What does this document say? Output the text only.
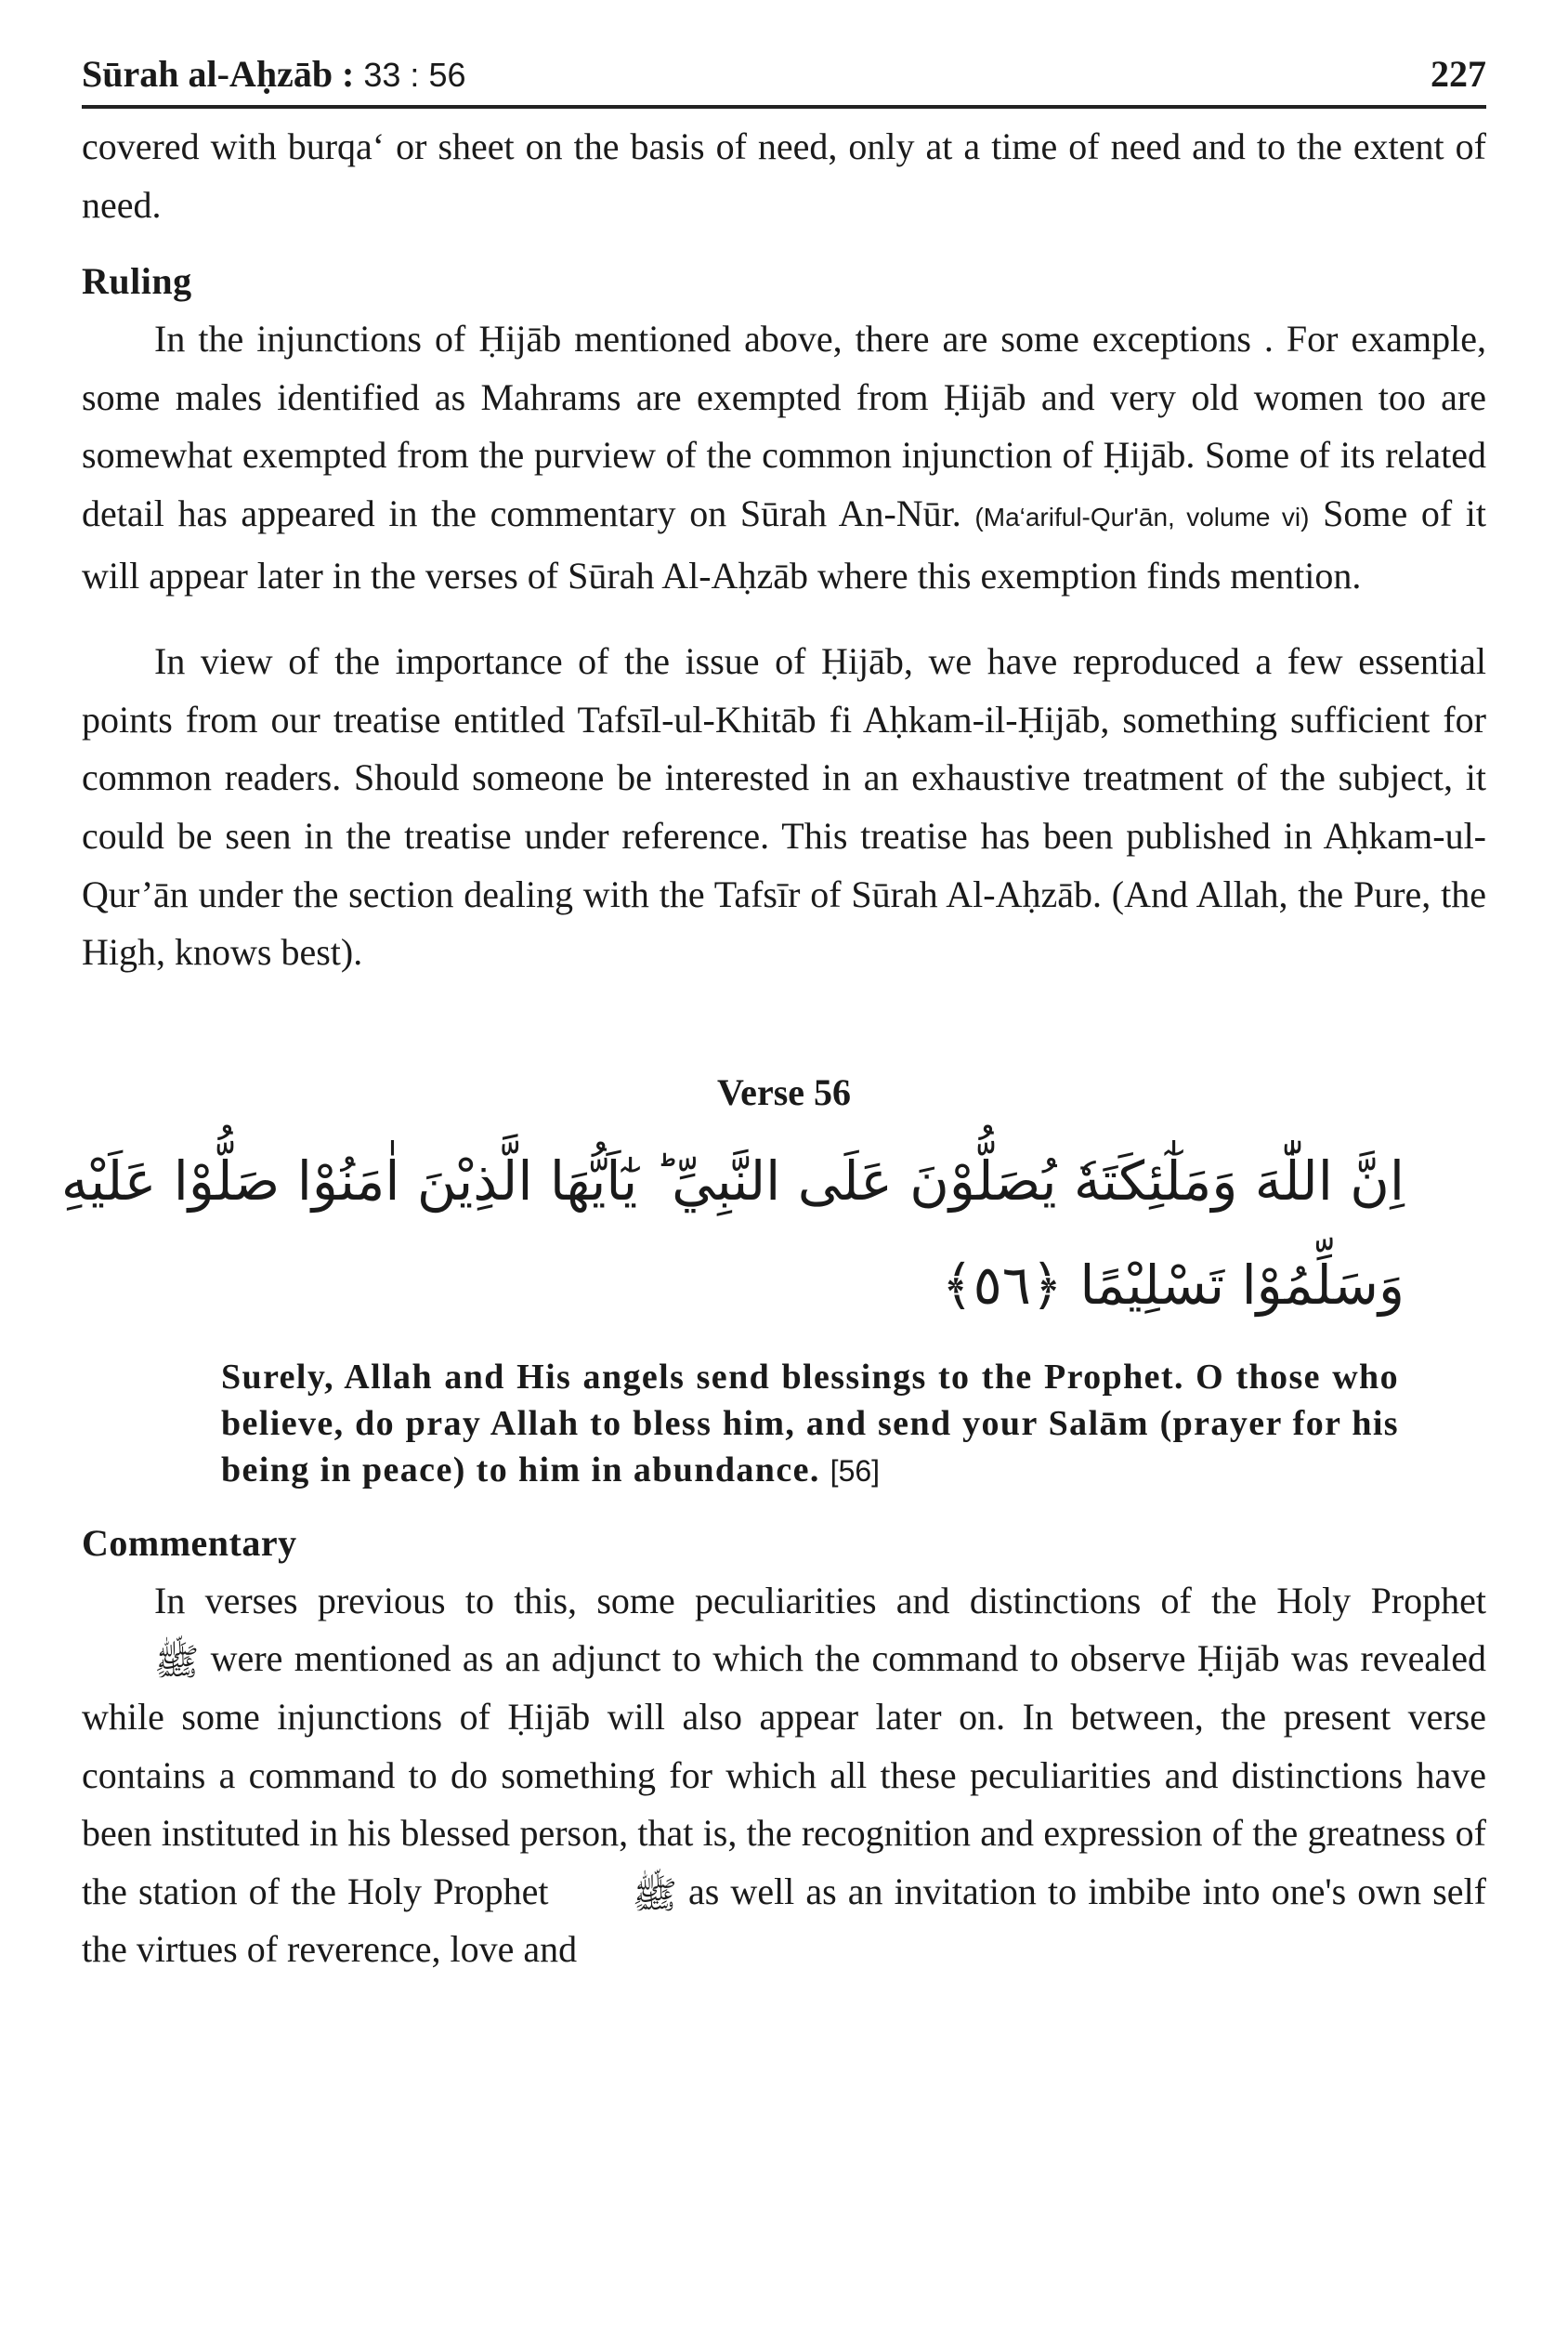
Sūrah al-Aḥzāb : 33 : 56	227

covered with burqa‘ or sheet on the basis of need, only at a time of need and to the extent of need.

Ruling

In the injunctions of Ḥijāb mentioned above, there are some exceptions . For example, some males identified as Mahrams are exempted from Ḥijāb and very old women too are somewhat exempted from the purview of the common injunction of Ḥijāb. Some of its related detail has appeared in the commentary on Sūrah An-Nūr. (Ma‘ariful-Qur'ān, volume vi) Some of it will appear later in the verses of Sūrah Al-Aḥzāb where this exemption finds mention.

In view of the importance of the issue of Ḥijāb, we have reproduced a few essential points from our treatise entitled Tafsīl-ul-Khitāb fi Aḥkam-il-Ḥijāb, something sufficient for common readers. Should someone be interested in an exhaustive treatment of the subject, it could be seen in the treatise under reference. This treatise has been published in Aḥkam-ul-Qur’ān under the section dealing with the Tafsīr of Sūrah Al-Aḥzāb. (And Allah, the Pure, the High, knows best).

Verse 56
اِنَّ اللّٰهَ وَمَلٰٓئِكَتَهٗ يُصَلُّوْنَ عَلَى النَّبِيِّ ؕ يٰٓاَيُّهَا الَّذِيْنَ اٰمَنُوْا صَلُّوْا عَلَيْهِ
وَسَلِّمُوْا تَسْلِيْمًا ﴿٥٦﴾

Surely, Allah and His angels send blessings to the Prophet. O those who believe, do pray Allah to bless him, and send your Salām (prayer for his being in peace) to him in abundance. [56]

Commentary

In verses previous to this, some peculiarities and distinctions of the Holy Prophet ﷺ were mentioned as an adjunct to which the command to observe Ḥijāb was revealed while some injunctions of Ḥijāb will also appear later on. In between, the present verse contains a command to do something for which all these peculiarities and distinctions have been instituted in his blessed person, that is, the recognition and expression of the greatness of the station of the Holy Prophet ﷺ as well as an invitation to imbibe into one's own self the virtues of reverence, love and
